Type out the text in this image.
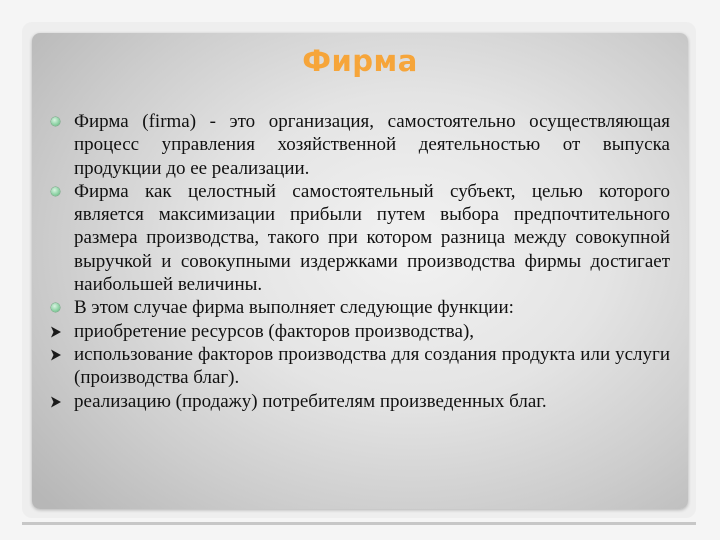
Фирма
Фирма (firma) - это организация, самостоятельно осуществляющая процесс управления хозяйственной деятельностью от выпуска продукции до ее реализации.
Фирма как целостный самостоятельный субъект, целью которого является максимизации прибыли путем выбора предпочтительного размера производства, такого при котором разница между совокупной выручкой и совокупными издержками производства фирмы достигает наибольшей величины.
В этом случае фирма выполняет следующие функции:
приобретение ресурсов (факторов производства),
использование факторов производства для создания продукта или услуги (производства благ).
реализацию (продажу) потребителям произведенных благ.
